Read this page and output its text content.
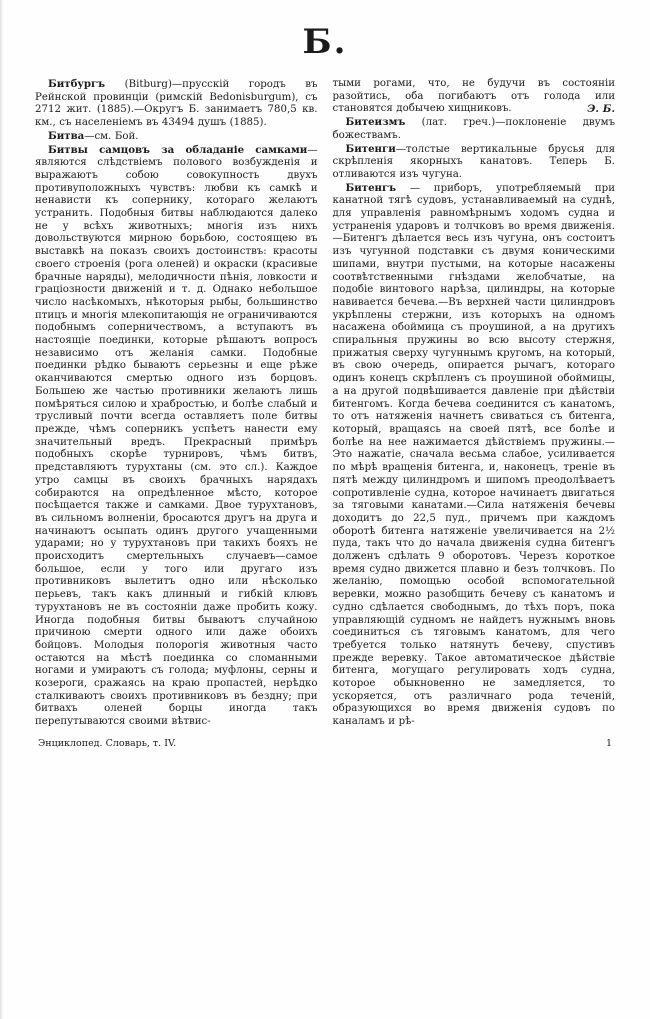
Б.

Битбургъ (Bitburg)—прусскій городъ въ Рейнской провинціи (римскій Bedonisburgum), съ 2712 жит. (1885).—Округъ Б. занимаетъ 780,5 кв. км., съ населеніемъ въ 43494 душъ (1885).

Битва—см. Бой.

Битвы самцовъ за обладаніе самками—являются слѣдствіемъ полового возбужденія и выражаютъ собою совокупность двухъ противуположныхъ чувствъ: любви къ самкѣ и ненависти къ сопернику, котораго желаютъ устранить. Подобныя битвы наблюдаются далеко не у всѣхъ животныхъ; многія изъ нихъ довольствуются мирною борьбою, состоящею въ выставкѣ на показъ своихъ достоинствъ: красоты своего строенія (рога оленей) и окраски (красивые брачные наряды), мелодичности пѣнія, ловкости и граціозности движеній и т. д. Однако небольшое число насѣкомыхъ, нѣкоторыя рыбы, большинство птицъ и многія млекопитающія не ограничиваются подобнымъ соперничествомъ, а вступаютъ въ настоящіе поединки, которые рѣшаютъ вопросъ независимо отъ желанія самки. Подобные поединки рѣдко бываютъ серьезны и еще рѣже оканчиваются смертью одного изъ борцовъ. Большею же частью противники желаютъ лишь помѣряться силою и храбростью, и болѣе слабый и трусливый почти всегда оставляетъ поле битвы прежде, чѣмъ соперникъ успѣетъ нанести ему значительный вредъ. Прекрасный примѣръ подобныхъ скорѣе турнировъ, чѣмъ битвъ, представляютъ турухтаны (см. это сл.). Каждое утро самцы въ своихъ брачныхъ нарядахъ собираются на опредѣленное мѣсто, которое посѣщается также и самками. Двое турухтановъ, въ сильномъ волненіи, бросаются другъ на друга и начинаютъ осыпать одинъ другого учащенными ударами; но у турухтановъ при такихъ бояхъ не происходитъ смертельныхъ случаевъ—самое большое, если у того или другаго изъ противниковъ вылетитъ одно или нѣсколько перьевъ, такъ какъ длинный и гибкій клювъ турухтановъ не въ состояніи даже пробить кожу. Иногда подобныя битвы бываютъ случайною причиною смерти одного или даже обоихъ бойцовъ. Молодыя полорогія животныя часто остаются на мѣстѣ поединка со сломанными ногами и умираютъ съ голода; муфлоны, серны и козероги, сражаясь на краю пропастей, нерѣдко сталкиваютъ своихъ противниковъ въ бездну; при битвахъ оленей борцы иногда такъ перепутываются своими вѣтвис-

тыми рогами, что, не будучи въ состояніи разойтись, оба погибаютъ отъ голода или становятся добычею хищниковъ.	Э. Б.

Битеизмъ (лат. греч.)—поклоненіе двумъ божествамъ.

Битенги—толстые вертикальные брусья для скрѣпленія якорныхъ канатовъ. Теперь Б. отливаются изъ чугуна.

Битенгъ — приборъ, употребляемый при канатной тягѣ судовъ, устанавливаемый на суднѣ, для управленія равномѣрнымъ ходомъ судна и устраненія ударовъ и толчковъ во время движенія.—Битенгъ дѣлается весь изъ чугуна, онъ состоитъ изъ чугунной подставки съ двумя коническими шипами, внутри пустыми, на которые насажены соотвѣтственными гнѣздами желобчатые, на подобіе винтового нарѣза, цилиндры, на которые навивается бечева.—Въ верхней части цилиндровъ укрѣплены стержни, изъ которыхъ на одномъ насажена обоймица съ проушиной, а на другихъ спиральныя пружины во всю высоту стержня, прижатыя сверху чугуннымъ кругомъ, на который, въ свою очередь, опирается рычагъ, котораго одинъ конецъ скрѣпленъ съ проушиной обоймицы, а на другой подвѣшивается давленіе при дѣйствіи битенгомъ. Когда бечева соединится съ канатомъ, то отъ натяженія начнетъ свиваться съ битенга, который, вращаясь на своей пятѣ, все болѣе и болѣе на нее нажимается дѣйствіемъ пружины.—Это нажатіе, сначала весьма слабое, усиливается по мѣрѣ вращенія битенга, и, наконецъ, треніе въ пятѣ между цилиндромъ и шипомъ преодолѣваетъ сопротивленіе судна, которое начинаетъ двигаться за тяговыми канатами.—Сила натяженія бечевы доходитъ до 22,5 пуд., причемъ при каждомъ оборотѣ битенга натяженіе увеличивается на 2½ пуда, такъ что до начала движенія судна битенгъ долженъ сдѣлать 9 оборотовъ. Черезъ короткое время судно движется плавно и безъ толчковъ. По желанію, помощью особой вспомогательной веревки, можно разобщить бечеву съ канатомъ и судно сдѣлается свободнымъ, до тѣхъ поръ, пока управляющій судномъ не найдетъ нужнымъ вновь соединиться съ тяговымъ канатомъ, для чего требуется только натянуть бечеву, спустивъ прежде веревку. Такое автоматическое дѣйствіе битенга, могущаго регулировать ходъ судна, которое обыкновенно не замедляется, то ускоряется, отъ различнаго рода теченій, образующихся во время движенія судовъ по каналамъ и рѣ-

Энциклопед. Словарь, т. IV.	1
